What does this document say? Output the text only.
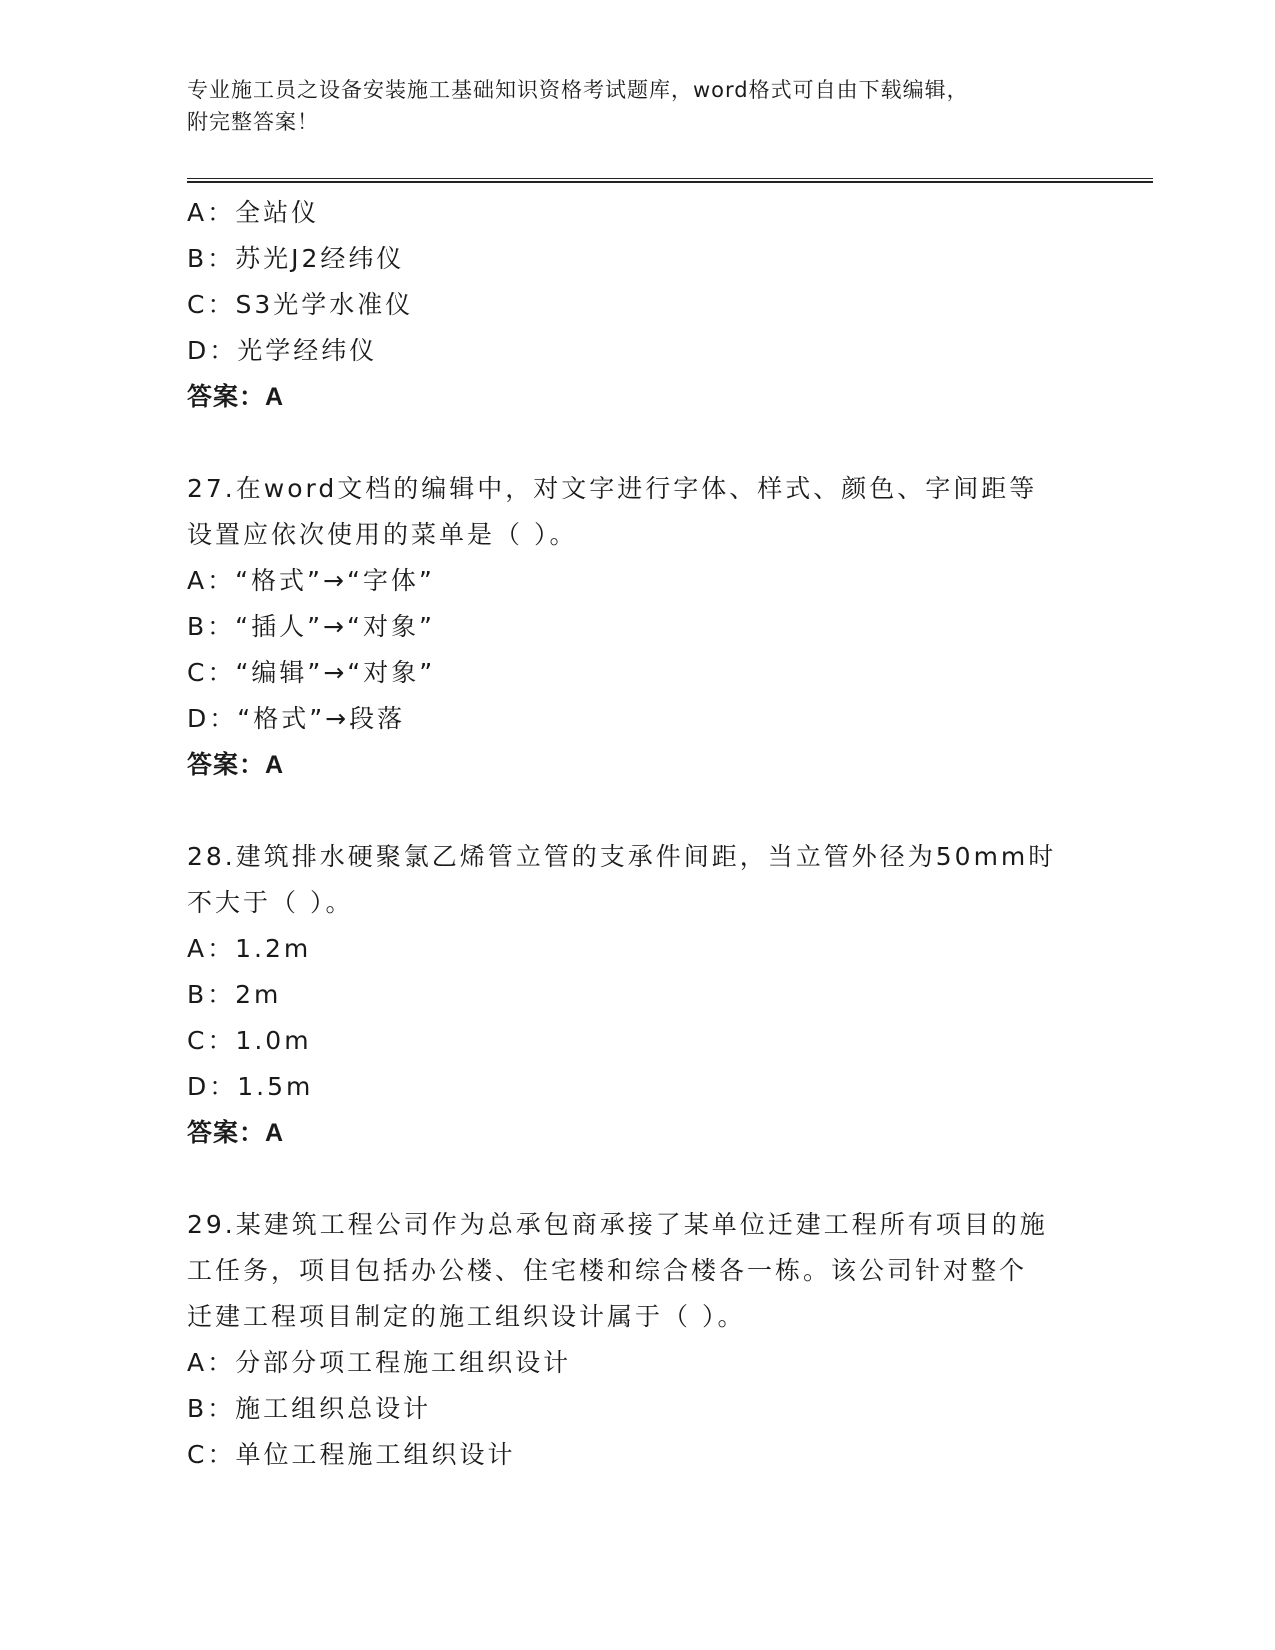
专业施工员之设备安装施工基础知识资格考试题库，word格式可自由下载编辑，
附完整答案！
A：全站仪
B：苏光J2经纬仪
C：S3光学水准仪
D：光学经纬仪
答案：A
27.在word文档的编辑中，对文字进行字体、样式、颜色、字间距等
设置应依次使用的菜单是（ ）。
A：“格式”→“字体”
B：“插人”→“对象”
C：“编辑”→“对象”
D：“格式”→段落
答案：A
28.建筑排水硬聚氯乙烯管立管的支承件间距，当立管外径为50mm时
不大于（ ）。
A：1.2m
B：2m
C：1.0m
D：1.5m
答案：A
29.某建筑工程公司作为总承包商承接了某单位迁建工程所有项目的施
工任务，项目包括办公楼、住宅楼和综合楼各一栋。该公司针对整个
迁建工程项目制定的施工组织设计属于（ ）。
A：分部分项工程施工组织设计
B：施工组织总设计
C：单位工程施工组织设计
